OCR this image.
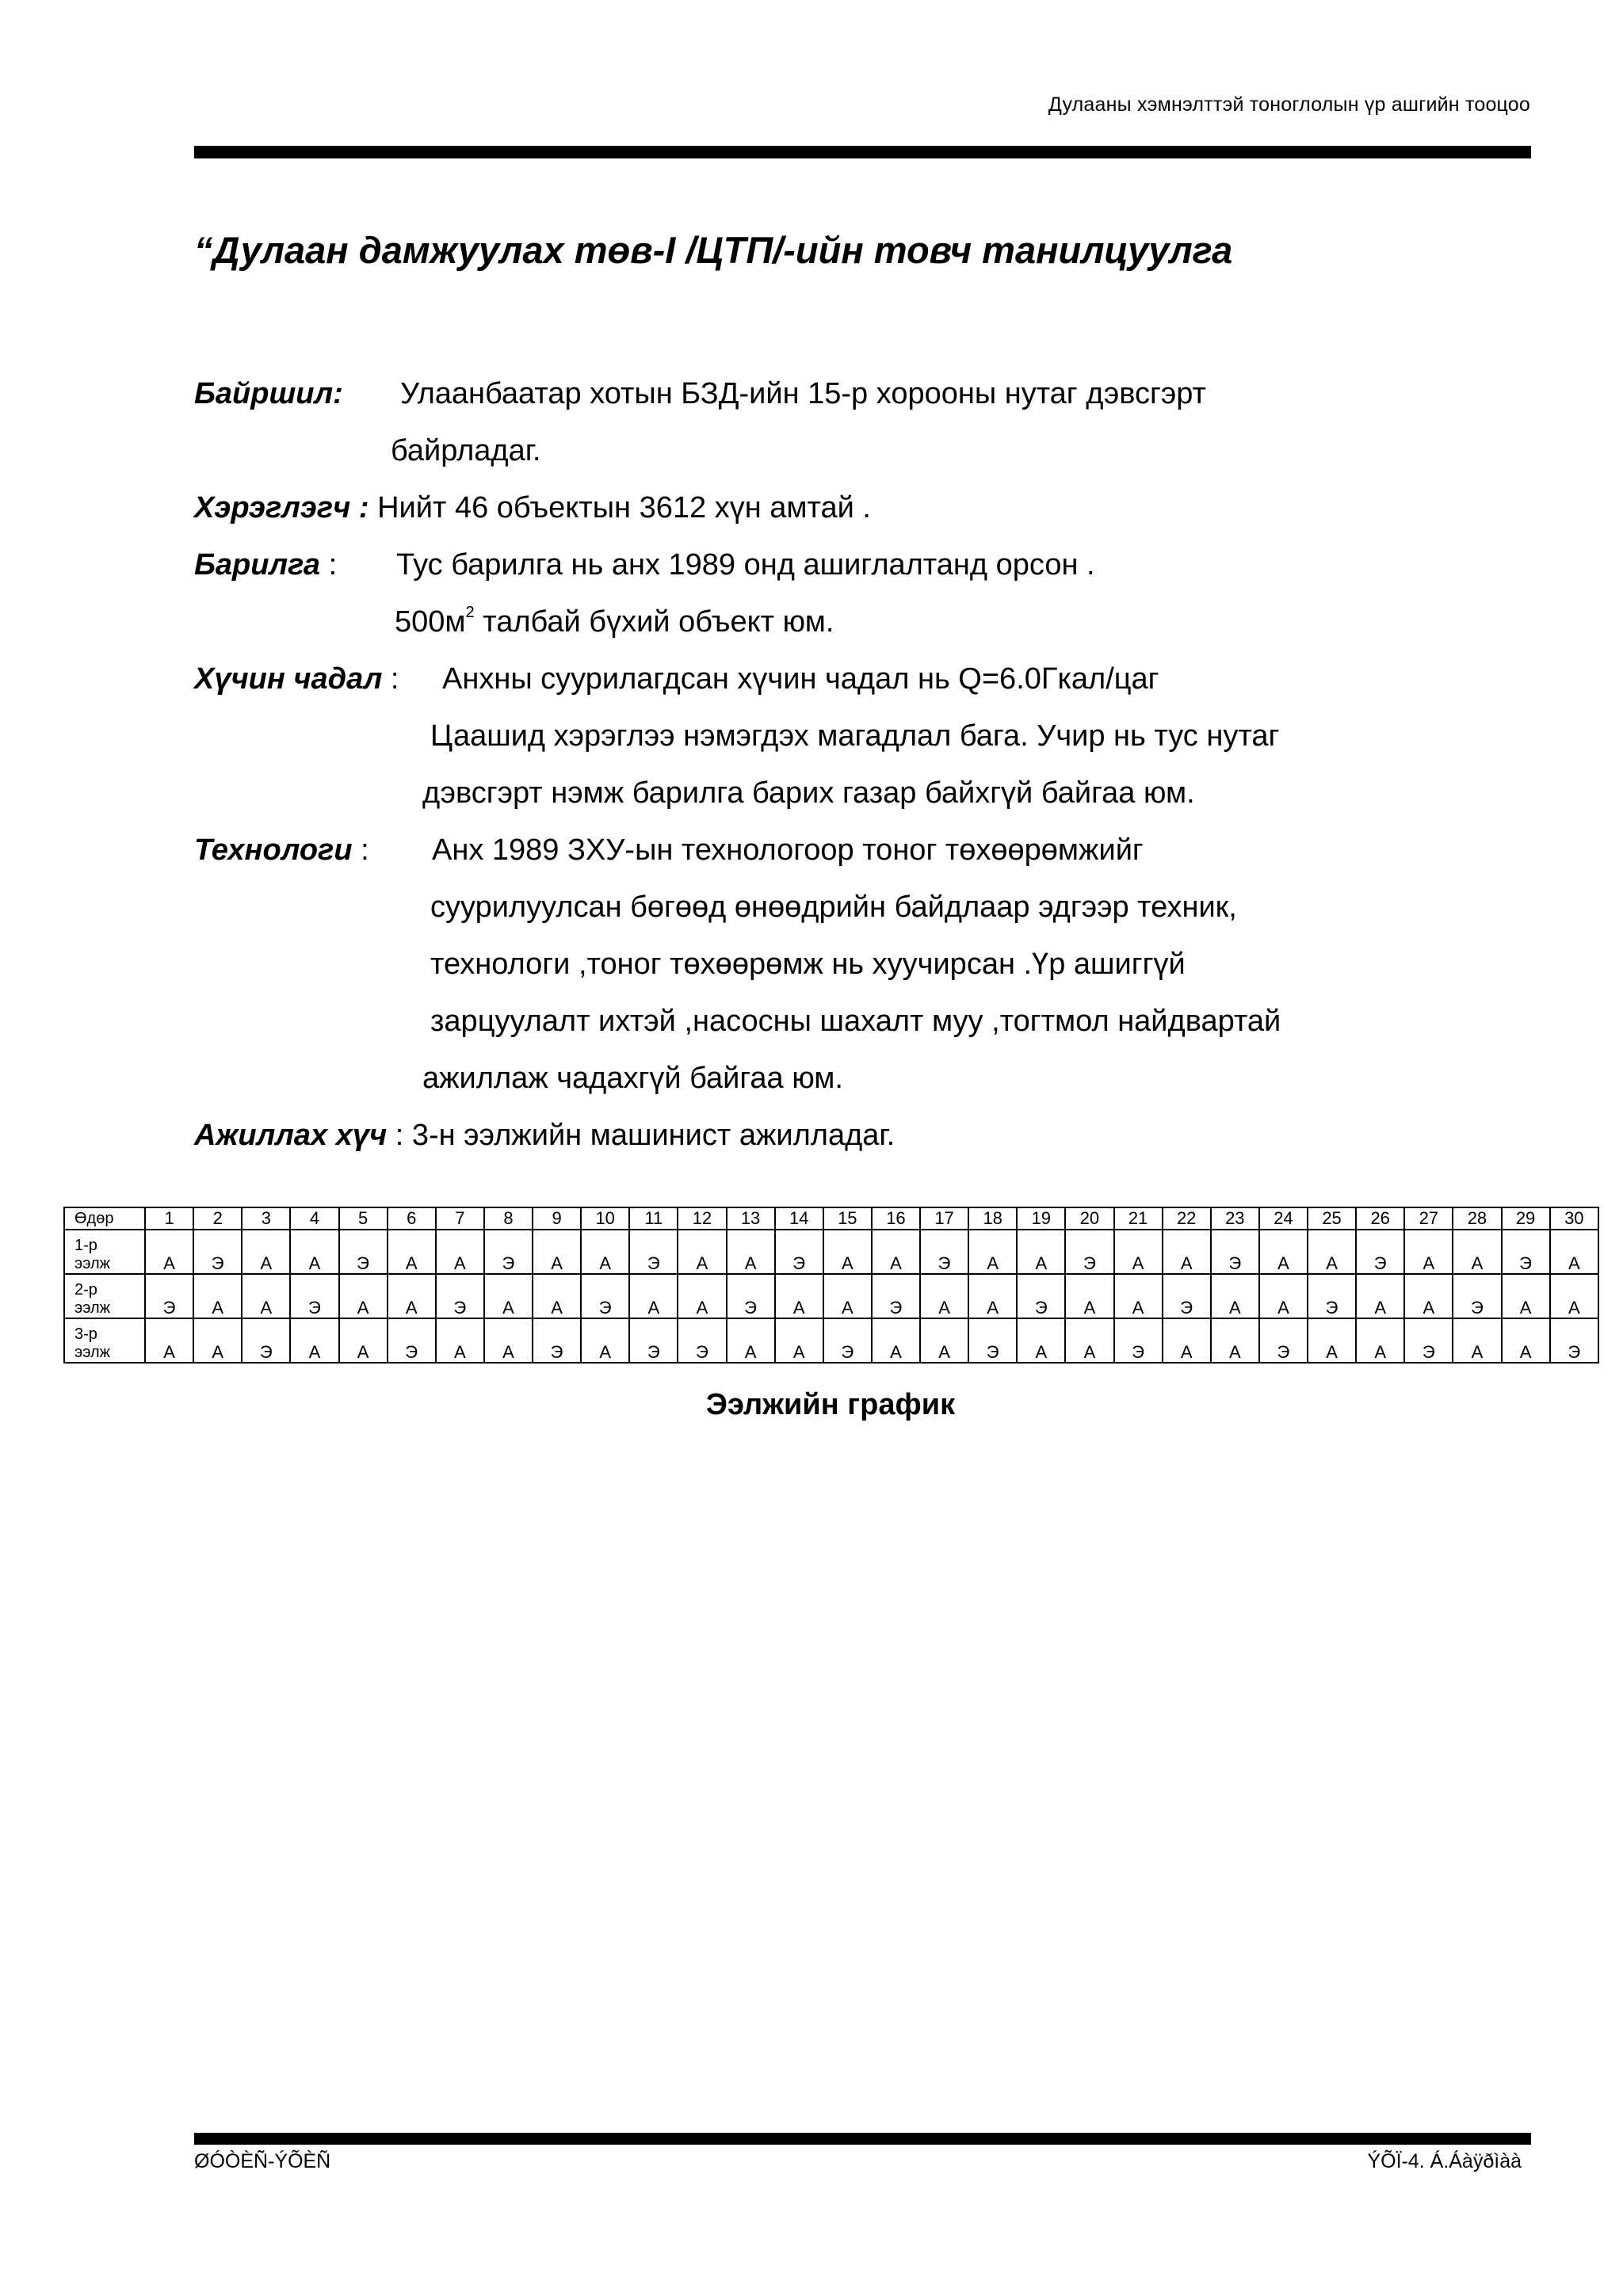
Дулааны хэмнэлттэй тоноглолын үр ашгийн тооцоо
“Дулаан дамжуулах төв-I /ЦТП/-ийн товч танилцуулга
Байршил: Улаанбаатар хотын БЗД-ийн 15-р хорооны нутаг дэвсгэрт
байрладаг.
Хэрэглэгч : Нийт 46 объектын 3612 хүн амтай .
Барилга : Тус барилга нь анх 1989 онд ашиглалтанд орсон .
$500м^2$ талбай бүхий объект юм.
Хүчин чадал : Анхны суурилагдсан хүчин чадал нь Q=6.0Гкал/цаг
Цаашид хэрэглээ нэмэгдэх магадлал бага. Учир нь тус нутаг
дэвсгэрт нэмж барилга барих газар байхгүй байгаа юм.
Технологи : Анх 1989 ЗХУ-ын технологоор тоног төхөөрөмжийг
суурилуулсан бөгөөд өнөөдрийн байдлаар эдгээр техник,
технологи ,тоног төхөөрөмж нь хуучирсан .Үр ашиггүй
зарцуулалт ихтэй ,насосны шахалт муу ,тогтмол найдвартай
ажиллаж чадахгүй байгаа юм.
Ажиллах хүч : 3-н ээлжийн машинист ажилладаг.
Өдөр	1	2	3	4	5	6	7	8	9	10	11	12	13	14	15	16	17	18	19	20	21	22	23	24	25	26	27	28	29	30

1-р
ээлж	А	Э	А	А	Э	А	А	Э	А	А	Э	А	А	Э	А	А	Э	А	А	Э	А	А	Э	А	А	Э	А	А	Э	А

2-р
ээлж	Э	А	А	Э	А	А	Э	А	А	Э	А	А	Э	А	А	Э	А	А	Э	А	А	Э	А	А	Э	А	А	Э	А	А

3-р
ээлж	А	А	Э	А	А	Э	А	А	Э	А	Э	Э	А	А	Э	А	А	Э	А	А	Э	А	А	Э	А	А	Э	А	А	Э
Ээлжийн график
ØÓÒÈÑ-ÝÕÈÑ	ÝÕÏ-4. Á.Áàÿðìàà
